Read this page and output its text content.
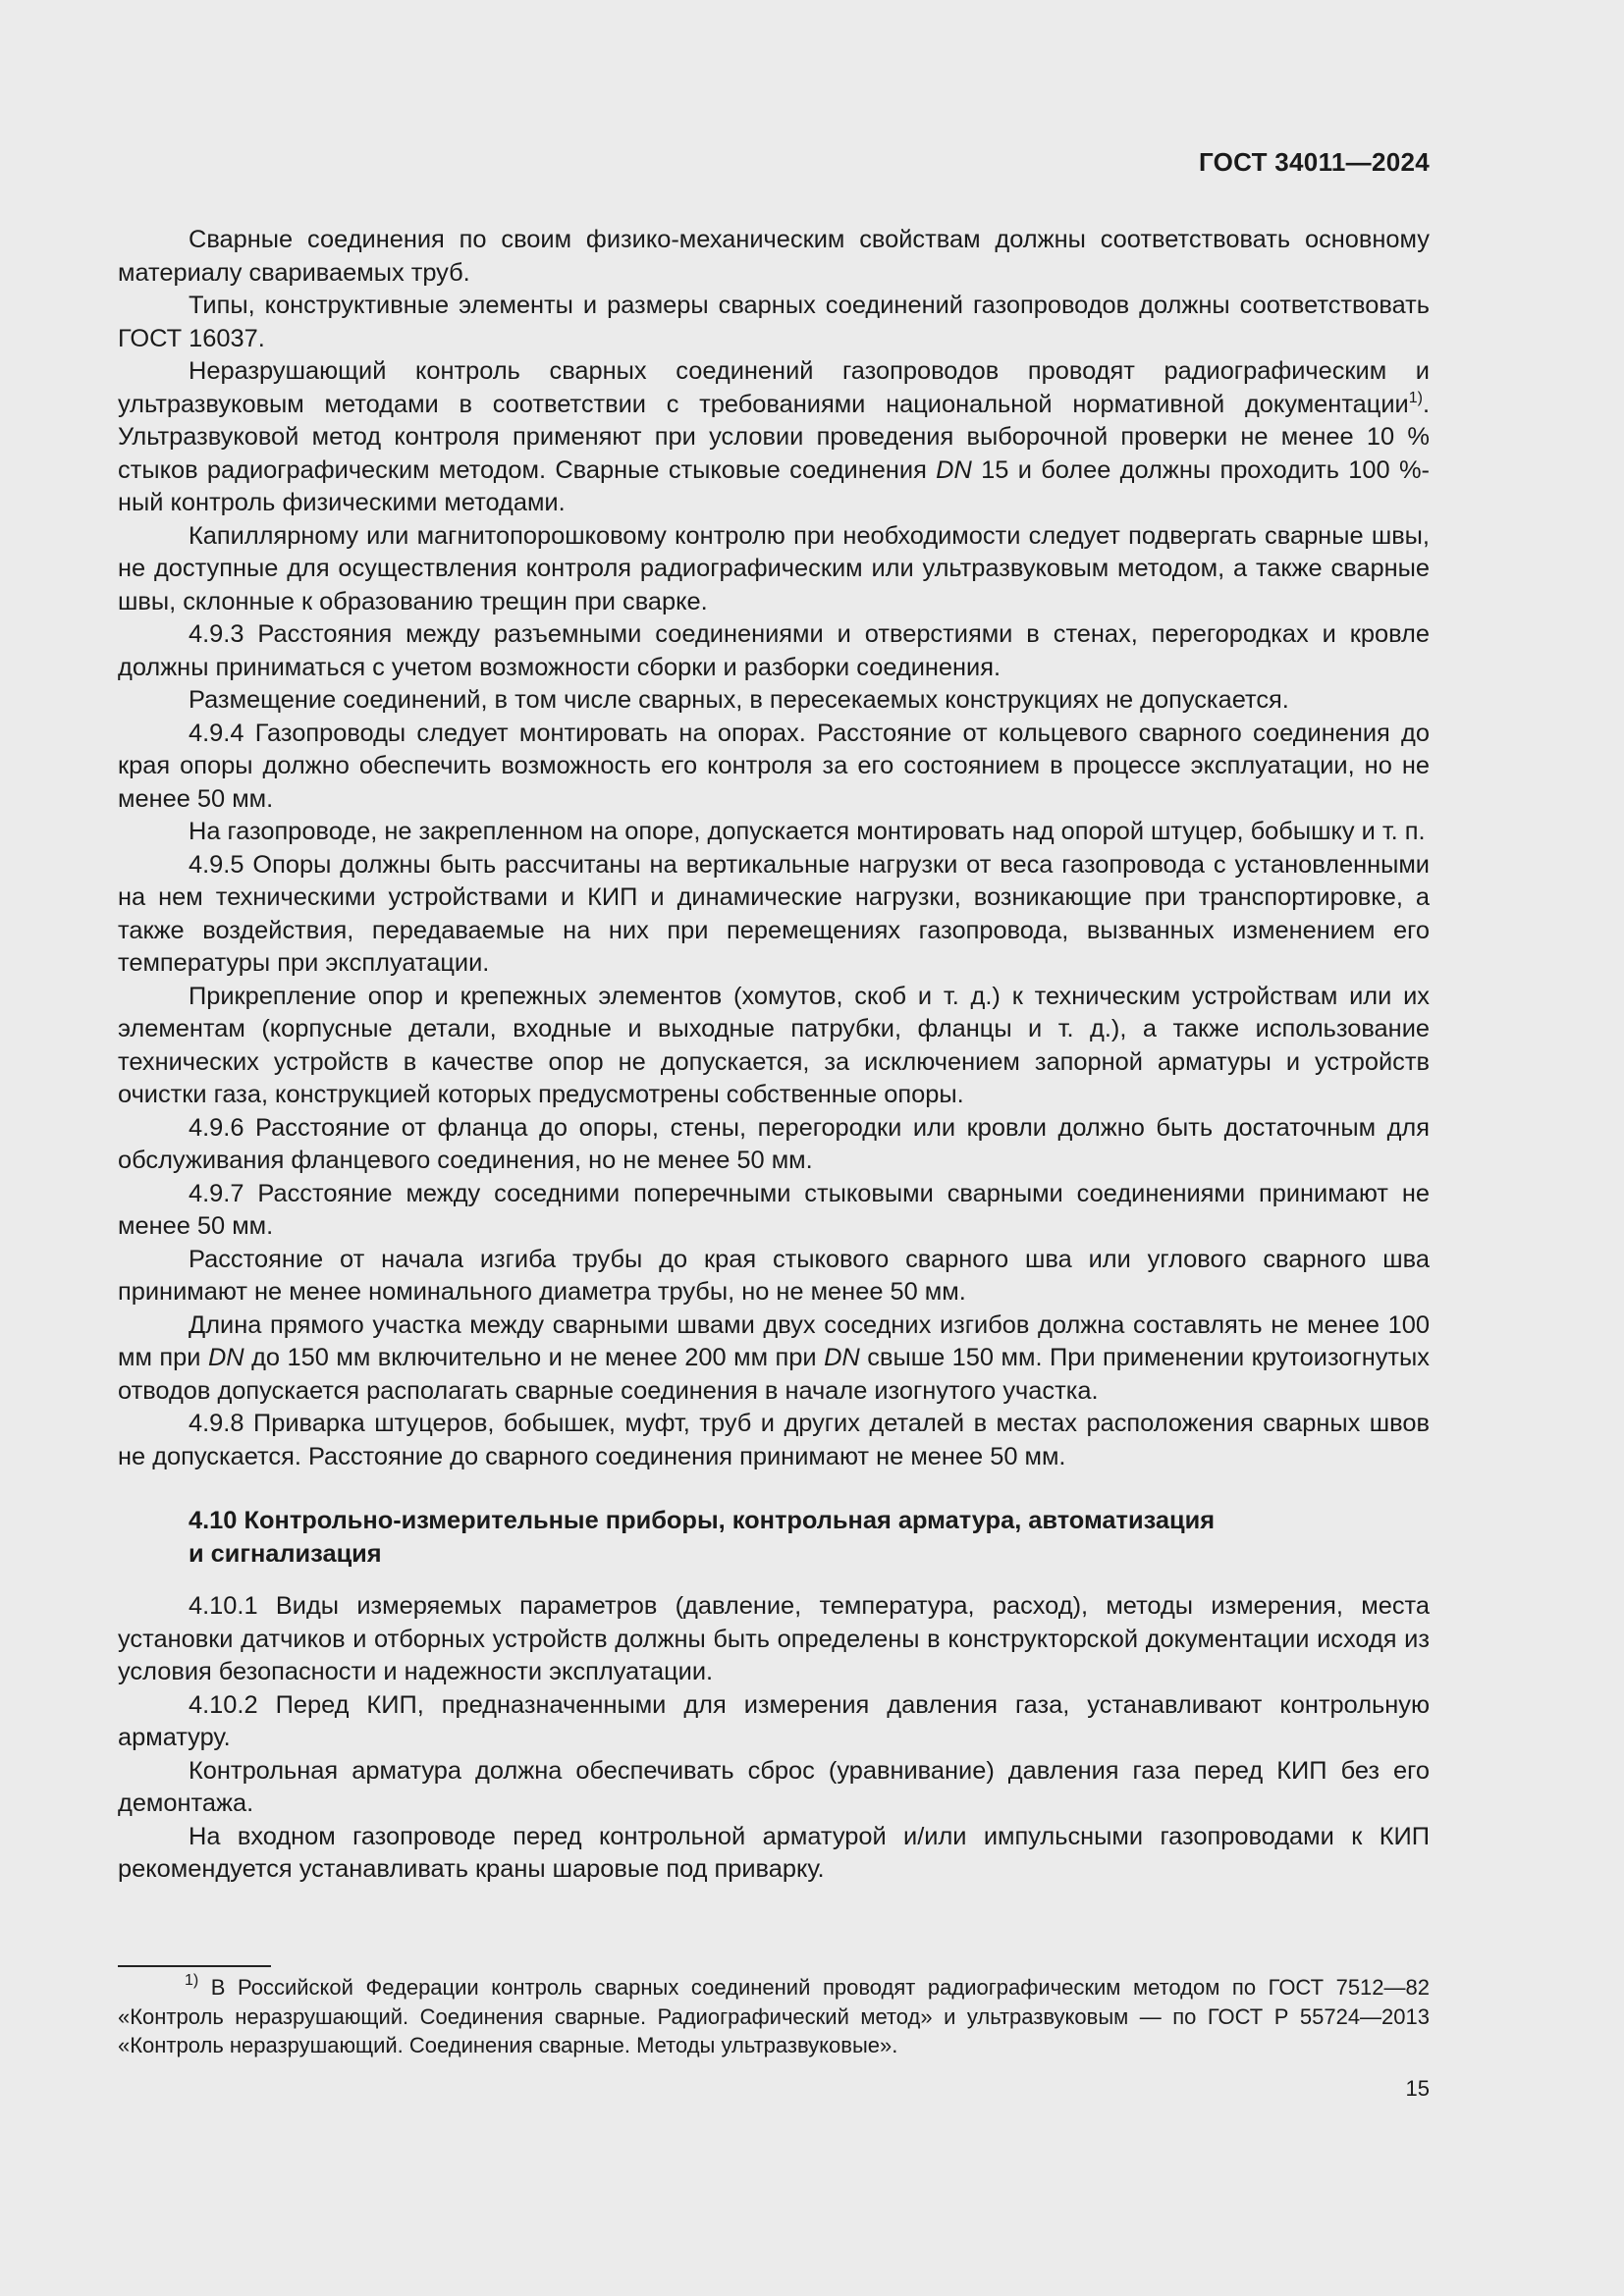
ГОСТ 34011—2024

Сварные соединения по своим физико-механическим свойствам должны соответствовать основному материалу свариваемых труб.

Типы, конструктивные элементы и размеры сварных соединений газопроводов должны соответствовать ГОСТ 16037.

Неразрушающий контроль сварных соединений газопроводов проводят радиографическим и ультразвуковым методами в соответствии с требованиями национальной нормативной документации$^{1)}$. Ультразвуковой метод контроля применяют при условии проведения выборочной проверки не менее 10 % стыков радиографическим методом. Сварные стыковые соединения DN 15 и более должны проходить 100 %-ный контроль физическими методами.

Капиллярному или магнитопорошковому контролю при необходимости следует подвергать сварные швы, не доступные для осуществления контроля радиографическим или ультразвуковым методом, а также сварные швы, склонные к образованию трещин при сварке.

4.9.3 Расстояния между разъемными соединениями и отверстиями в стенах, перегородках и кровле должны приниматься с учетом возможности сборки и разборки соединения.

Размещение соединений, в том числе сварных, в пересекаемых конструкциях не допускается.

4.9.4 Газопроводы следует монтировать на опорах. Расстояние от кольцевого сварного соединения до края опоры должно обеспечить возможность его контроля за его состоянием в процессе эксплуатации, но не менее 50 мм.

На газопроводе, не закрепленном на опоре, допускается монтировать над опорой штуцер, бобышку и т. п.

4.9.5 Опоры должны быть рассчитаны на вертикальные нагрузки от веса газопровода с установленными на нем техническими устройствами и КИП и динамические нагрузки, возникающие при транспортировке, а также воздействия, передаваемые на них при перемещениях газопровода, вызванных изменением его температуры при эксплуатации.

Прикрепление опор и крепежных элементов (хомутов, скоб и т. д.) к техническим устройствам или их элементам (корпусные детали, входные и выходные патрубки, фланцы и т. д.), а также использование технических устройств в качестве опор не допускается, за исключением запорной арматуры и устройств очистки газа, конструкцией которых предусмотрены собственные опоры.

4.9.6 Расстояние от фланца до опоры, стены, перегородки или кровли должно быть достаточным для обслуживания фланцевого соединения, но не менее 50 мм.

4.9.7 Расстояние между соседними поперечными стыковыми сварными соединениями принимают не менее 50 мм.

Расстояние от начала изгиба трубы до края стыкового сварного шва или углового сварного шва принимают не менее номинального диаметра трубы, но не менее 50 мм.

Длина прямого участка между сварными швами двух соседних изгибов должна составлять не менее 100 мм при DN до 150 мм включительно и не менее 200 мм при DN свыше 150 мм. При применении крутоизогнутых отводов допускается располагать сварные соединения в начале изогнутого участка.

4.9.8 Приварка штуцеров, бобышек, муфт, труб и других деталей в местах расположения сварных швов не допускается. Расстояние до сварного соединения принимают не менее 50 мм.

4.10 Контрольно-измерительные приборы, контрольная арматура, автоматизация
и сигнализация

4.10.1 Виды измеряемых параметров (давление, температура, расход), методы измерения, места установки датчиков и отборных устройств должны быть определены в конструкторской документации исходя из условия безопасности и надежности эксплуатации.

4.10.2 Перед КИП, предназначенными для измерения давления газа, устанавливают контрольную арматуру.

Контрольная арматура должна обеспечивать сброс (уравнивание) давления газа перед КИП без его демонтажа.

На входном газопроводе перед контрольной арматурой и/или импульсными газопроводами к КИП рекомендуется устанавливать краны шаровые под приварку.

$^{1)}$ В Российской Федерации контроль сварных соединений проводят радиографическим методом по ГОСТ 7512—82 «Контроль неразрушающий. Соединения сварные. Радиографический метод» и ультразвуковым — по ГОСТ Р 55724—2013 «Контроль неразрушающий. Соединения сварные. Методы ультразвуковые».

15
